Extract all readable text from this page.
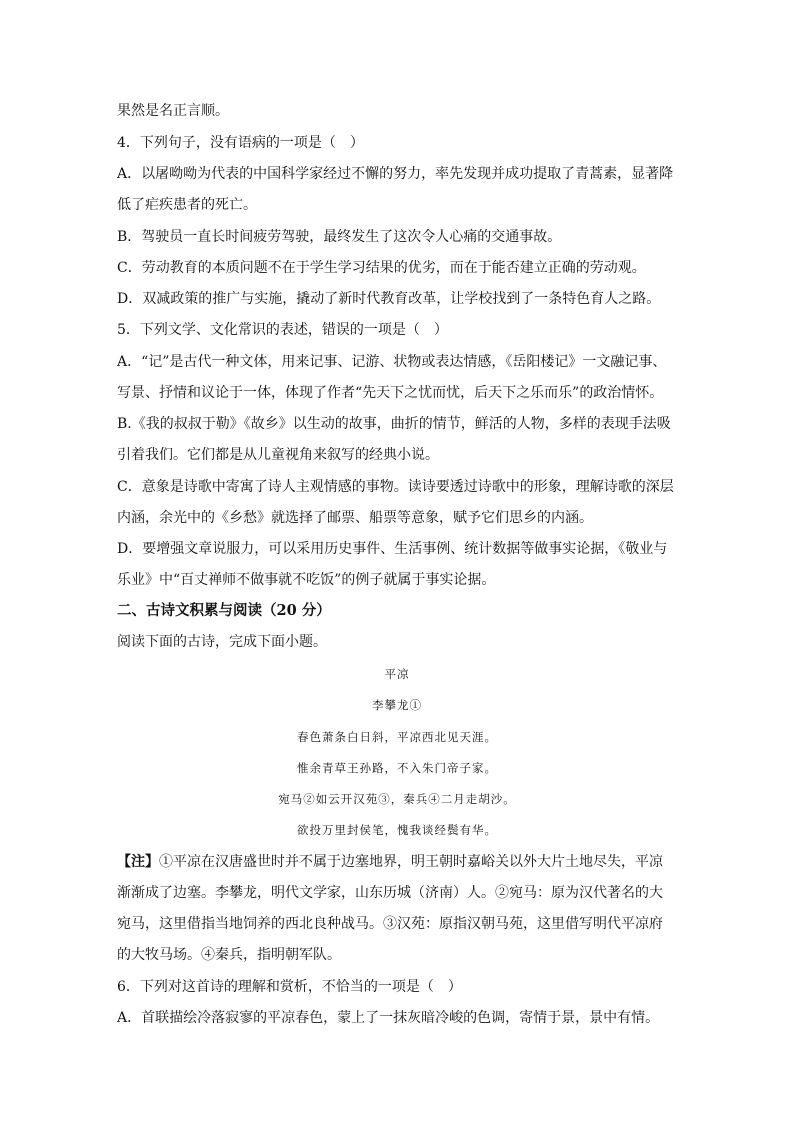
果然是名正言顺。
4．下列句子，没有语病的一项是（　）
A．以屠呦呦为代表的中国科学家经过不懈的努力，率先发现并成功提取了青蒿素，显著降
低了疟疾患者的死亡。
B．驾驶员一直长时间疲劳驾驶，最终发生了这次令人心痛的交通事故。
C．劳动教育的本质问题不在于学生学习结果的优劣，而在于能否建立正确的劳动观。
D．双减政策的推广与实施，撬动了新时代教育改革，让学校找到了一条特色育人之路。
5．下列文学、文化常识的表述，错误的一项是（　）
A．“记”是古代一种文体，用来记事、记游、状物或表达情感，《岳阳楼记》一文融记事、
写景、抒情和议论于一体，体现了作者“先天下之忧而忧，后天下之乐而乐”的政治情怀。
B.《我的叔叔于勒》《故乡》以生动的故事，曲折的情节，鲜活的人物，多样的表现手法吸
引着我们。它们都是从儿童视角来叙写的经典小说。
C．意象是诗歌中寄寓了诗人主观情感的事物。读诗要透过诗歌中的形象，理解诗歌的深层
内涵，余光中的《乡愁》就选择了邮票、船票等意象，赋予它们思乡的内涵。
D．要增强文章说服力，可以采用历史事件、生活事例、统计数据等做事实论据，《敬业与
乐业》中“百丈禅师不做事就不吃饭”的例子就属于事实论据。
二、古诗文积累与阅读（20 分）
阅读下面的古诗，完成下面小题。
平凉
李攀龙①
春色萧条白日斜，平凉西北见天涯。
惟余青草王孙路，不入朱门帝子家。
宛马②如云开汉苑③，秦兵④二月走胡沙。
欲投万里封侯笔，愧我谈经鬓有华。
【注】①平凉在汉唐盛世时并不属于边塞地界，明王朝时嘉峪关以外大片土地尽失，平凉
渐渐成了边塞。李攀龙，明代文学家，山东历城（济南）人。②宛马：原为汉代著名的大
宛马，这里借指当地饲养的西北良种战马。③汉苑：原指汉朝马苑，这里借写明代平凉府
的大牧马场。④秦兵，指明朝军队。
6．下列对这首诗的理解和赏析，不恰当的一项是（　）
A．首联描绘冷落寂寥的平凉春色，蒙上了一抹灰暗冷峻的色调，寄情于景，景中有情。
